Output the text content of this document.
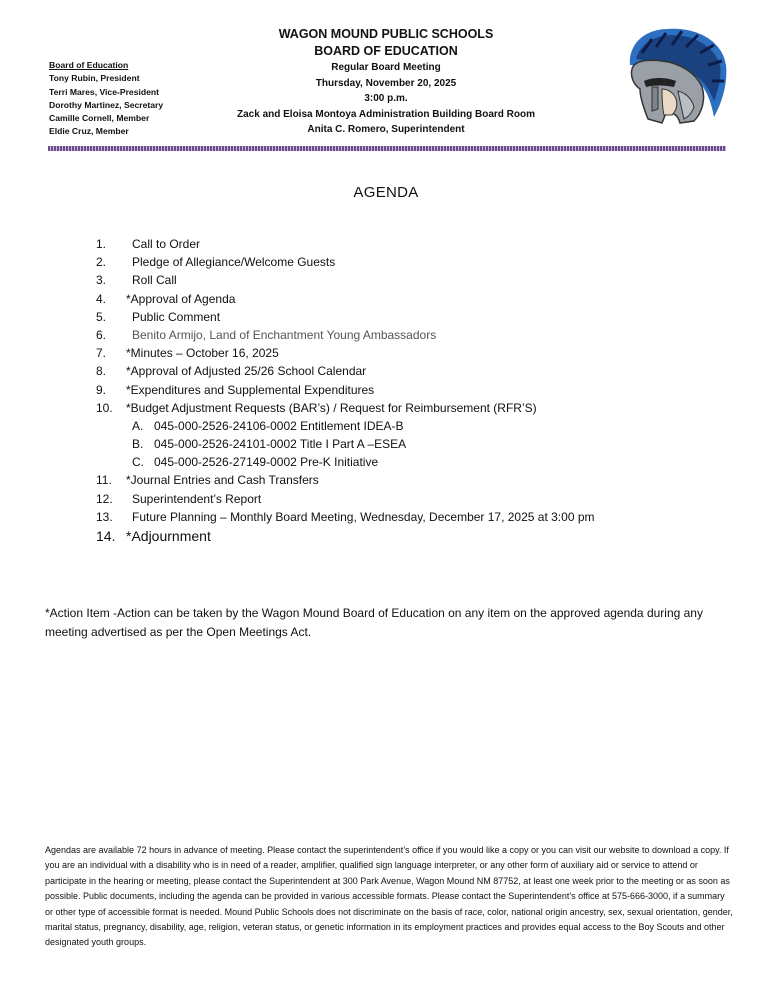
Board of Education
Tony Rubin, President
Terri Mares, Vice-President
Dorothy Martinez, Secretary
Camille Cornell, Member
Eldie Cruz, Member
WAGON MOUND PUBLIC SCHOOLS
BOARD OF EDUCATION
Regular Board Meeting
Thursday, November 20, 2025
3:00 p.m.
Zack and Eloisa Montoya Administration Building Board Room
Anita C. Romero, Superintendent
AGENDA
1.	Call to Order
2.	Pledge of Allegiance/Welcome Guests
3.	Roll Call
4.	*Approval of Agenda
5.	Public Comment
6.	Benito Armijo, Land of Enchantment Young Ambassadors
7.	*Minutes – October 16, 2025
8.	*Approval of Adjusted 25/26 School Calendar
9.	*Expenditures and Supplemental Expenditures
10.	*Budget Adjustment Requests (BAR’s) / Request for Reimbursement (RFR’S)
A. 045-000-2526-24106-0002 Entitlement IDEA-B
B. 045-000-2526-24101-0002 Title I Part A –ESEA
C. 045-000-2526-27149-0002 Pre-K Initiative
11.	*Journal Entries and Cash Transfers
12.	Superintendent’s Report
13.	Future Planning – Monthly Board Meeting, Wednesday, December 17, 2025 at 3:00 pm
14. *Adjournment
*Action Item -Action can be taken by the Wagon Mound Board of Education on any item on the approved agenda during any meeting advertised as per the Open Meetings Act.
Agendas are available 72 hours in advance of meeting. Please contact the superintendent’s office if you would like a copy or you can visit our website to download a copy. If you are an individual with a disability who is in need of a reader, amplifier, qualified sign language interpreter, or any other form of auxiliary aid or service to attend or participate in the hearing or meeting, please contact the Superintendent at 300 Park Avenue, Wagon Mound NM 87752, at least one week prior to the meeting or as soon as possible. Public documents, including the agenda can be provided in various accessible formats. Please contact the Superintendent’s office at 575-666-3000, if a summary or other type of accessible format is needed. Mound Public Schools does not discriminate on the basis of race, color, national origin ancestry, sex, sexual orientation, gender, marital status, pregnancy, disability, age, religion, veteran status, or genetic information in its employment practices and provides equal access to the Boy Scouts and other designated youth groups.
